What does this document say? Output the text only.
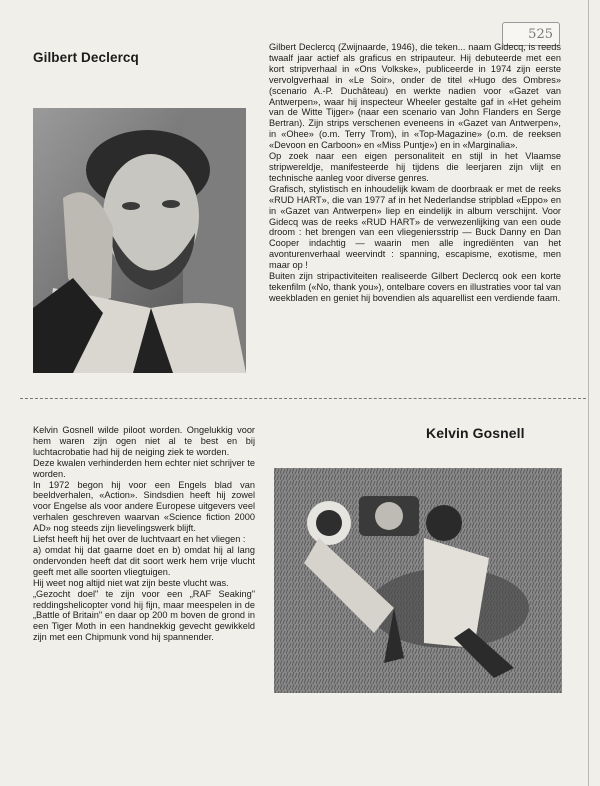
525
Gilbert Declercq

Gilbert Declercq (Zwijnaarde, 1946), die teken... naam Gidecq, is reeds twaalf jaar actief als graficus en stripauteur. Hij debuteerde met een kort stripverhaal in «Ons Volkske», publiceerde in 1974 zijn eerste vervolgverhaal in «Le Soir», onder de titel «Hugo des Ombres» (scenario A.-P. Duchâteau) en werkte nadien voor «Gazet van Antwerpen», waar hij inspecteur Wheeler gestalte gaf in «Het geheim van de Witte Tijger» (naar een scenario van John Flanders en Serge Bertran). Zijn strips verschenen eveneens in «Gazet van Antwerpen», in «Ohee» (o.m. Terry Trom), in «Top-Magazine» (o.m. de reeksen «Devoon en Carboon» en «Miss Puntje») en in «Marginalia».

Op zoek naar een eigen personaliteit en stijl in het Vlaamse stripwereldje, manifesteerde hij tijdens die leerjaren zijn vlijt en technische aanleg voor diverse genres.

Grafisch, stylistisch en inhoudelijk kwam de doorbraak er met de reeks «RUD HART», die van 1977 af in het Nederlandse stripblad «Eppo» en in «Gazet van Antwerpen» liep en eindelijk in album verschijnt. Voor Gidecq was de reeks «RUD HART» de verwezenlijking van een oude droom : het brengen van een vliegeniersstrip — Buck Danny en Dan Cooper indachtig — waarin men alle ingrediënten van het avonturenverhaal weervindt : spanning, escapisme, exotisme, men maar op !

Buiten zijn stripactiviteiten realiseerde Gilbert Declercq ook een korte tekenfilm («No, thank you»), ontelbare covers en illustraties voor tal van weekbladen en geniet hij bovendien als aquarellist een verdiende faam.

Kelvin Gosnell wilde piloot worden. Ongelukkig voor hem waren zijn ogen niet al te best en bij luchtacrobatie had hij de neiging ziek te worden.

Deze kwalen verhinderden hem echter niet schrijver te worden.

In 1972 begon hij voor een Engels blad van beeldverhalen, «Action». Sindsdien heeft hij zowel voor Engelse als voor andere Europese uitgevers veel verhalen geschreven waarvan «Science fiction 2000 AD» nog steeds zijn lievelingswerk blijft.

Liefst heeft hij het over de luchtvaart en het vliegen :

a) omdat hij dat gaarne doet en b) omdat hij al lang ondervonden heeft dat dit soort werk hem vrije vlucht geeft met alle soorten vliegtuigen.

Hij weet nog altijd niet wat zijn beste vlucht was.

„Gezocht doel" te zijn voor een „RAF Seaking" reddingshelicopter vond hij fijn, maar meespelen in de „Battle of Britain" en daar op 200 m boven de grond in een Tiger Moth in een handnekkig gevecht gewikkeld zijn met een Chipmunk vond hij spannender.

Kelvin Gosnell
